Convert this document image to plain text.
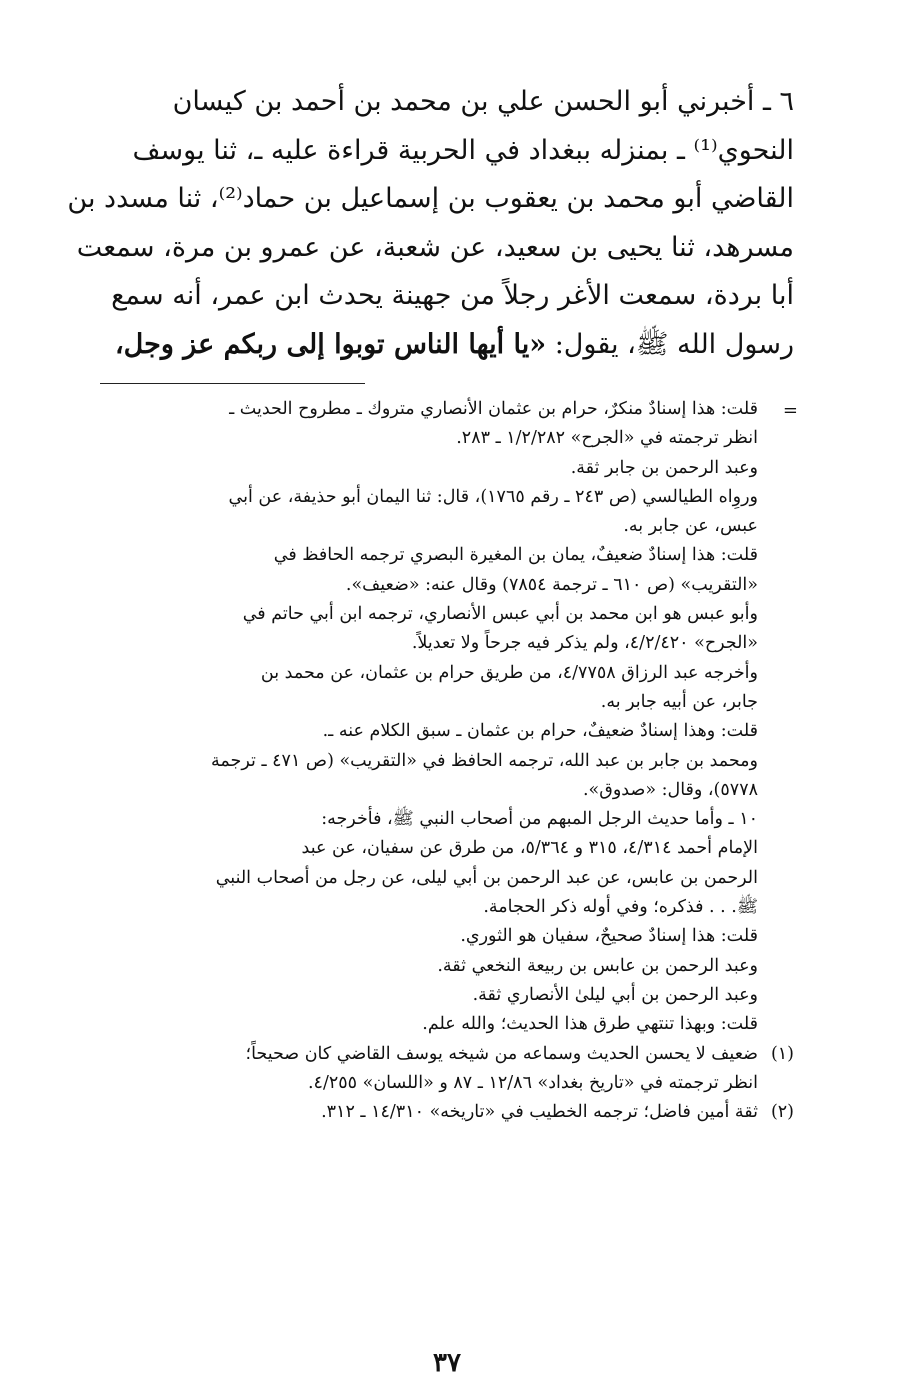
٦ ـ أخبرني أبو الحسن علي بن محمد بن أحمد بن كيسان
النحوي⁽¹⁾ ـ بمنزله ببغداد في الحربية قراءة عليه ـ، ثنا يوسف
القاضي أبو محمد بن يعقوب بن إسماعيل بن حماد⁽²⁾، ثنا مسدد بن
مسرهد، ثنا يحيى بن سعيد، عن شعبة، عن عمرو بن مرة، سمعت
أبا بردة، سمعت الأغر رجلاً من جهينة يحدث ابن عمر، أنه سمع
رسول الله ﷺ، يقول: «يا أيها الناس توبوا إلى ربكم عز وجل،
=
قلت: هذا إسنادٌ منكرٌ، حرام بن عثمان الأنصاري متروك ـ مطروح الحديث ـ
انظر ترجمته في «الجرح» ١/٢/٢٨٢ ـ ٢٨٣.
وعبد الرحمن بن جابر ثقة.
وروِاه الطيالسي (ص ٢٤٣ ـ رقم ١٧٦٥)، قال: ثنا اليمان أبو حذيفة، عن أبي
عبس، عن جابر به.
قلت: هذا إسنادٌ ضعيفٌ، يمان بن المغيرة البصري ترجمه الحافظ في
«التقريب» (ص ٦١٠ ـ ترجمة ٧٨٥٤) وقال عنه: «ضعيف».
وأبو عبس هو ابن محمد بن أبي عبس الأنصاري، ترجمه ابن أبي حاتم في
«الجرح» ٤/٢/٤٢٠، ولم يذكر فيه جرحاً ولا تعديلاً.
وأخرجه عبد الرزاق ٤/٧٧٥٨، من طريق حرام بن عثمان، عن محمد بن
جابر، عن أبيه جابر به.
قلت: وهذا إسنادٌ ضعيفٌ، حرام بن عثمان ـ سبق الكلام عنه ـ.
ومحمد بن جابر بن عبد الله، ترجمه الحافظ في «التقريب» (ص ٤٧١ ـ ترجمة
٥٧٧٨)، وقال: «صدوق».
١٠ ـ وأما حديث الرجل المبهم من أصحاب النبي ﷺ، فأخرجه:
الإمام أحمد ٤/٣١٤، ٣١٥ و ٥/٣٦٤، من طرق عن سفيان، عن عبد
الرحمن بن عابس، عن عبد الرحمن بن أبي ليلى، عن رجل من أصحاب النبي
ﷺ. . . فذكره؛ وفي أوله ذكر الحجامة.
قلت: هذا إسنادٌ صحيحٌ، سفيان هو الثوري.
وعبد الرحمن بن عابس بن ربيعة النخعي ثقة.
وعبد الرحمن بن أبي ليلىٰ الأنصاري ثقة.
قلت: وبهذا تنتهي طرق هذا الحديث؛ والله علم.
(١)ضعيف لا يحسن الحديث وسماعه من شيخه يوسف القاضي كان صحيحاً؛
انظر ترجمته في «تاريخ بغداد» ١٢/٨٦ ـ ٨٧ و «اللسان» ٤/٢٥٥.
(٢)ثقة أمين فاضل؛ ترجمه الخطيب في «تاريخه» ١٤/٣١٠ ـ ٣١٢.
٣٧
